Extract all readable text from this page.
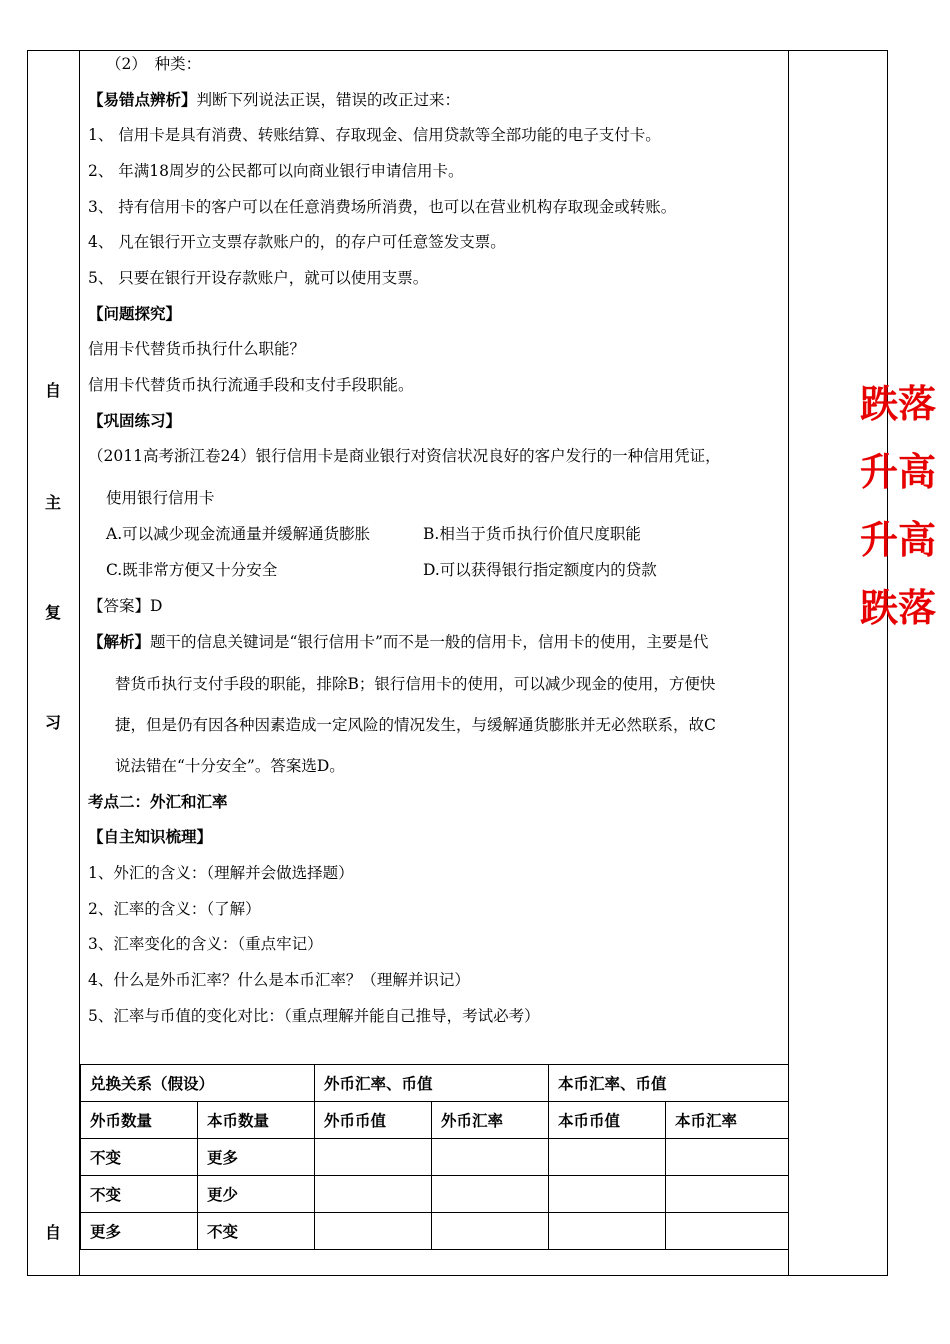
自
主
复
习
自
跌落
升高
升高
跌落
（2）　种类：
【易错点辨析】判断下列说法正误，错误的改正过来：
1、 信用卡是具有消费、转账结算、存取现金、信用贷款等全部功能的电子支付卡。
2、 年满18周岁的公民都可以向商业银行申请信用卡。
3、 持有信用卡的客户可以在任意消费场所消费，也可以在营业机构存取现金或转账。
4、 凡在银行开立支票存款账户的，的存户可任意签发支票。
5、 只要在银行开设存款账户，就可以使用支票。
【问题探究】
信用卡代替货币执行什么职能？
信用卡代替货币执行流通手段和支付手段职能。
【巩固练习】
（2011高考浙江卷24）银行信用卡是商业银行对资信状况良好的客户发行的一种信用凭证，
使用银行信用卡
A.可以减少现金流通量并缓解通货膨胀	B.相当于货币执行价值尺度职能
C.既非常方便又十分安全	D.可以获得银行指定额度内的贷款
【答案】D
【解析】题干的信息关键词是“银行信用卡”而不是一般的信用卡，信用卡的使用，主要是代
替货币执行支付手段的职能，排除B；银行信用卡的使用，可以减少现金的使用，方便快
捷，但是仍有因各种因素造成一定风险的情况发生，与缓解通货膨胀并无必然联系，故C
说法错在“十分安全”。答案选D。
考点二：外汇和汇率
【自主知识梳理】
1、外汇的含义：（理解并会做选择题）
2、汇率的含义：（了解）
3、汇率变化的含义：（重点牢记）
4、什么是外币汇率？什么是本币汇率？（理解并识记）
5、汇率与币值的变化对比：（重点理解并能自己推导，考试必考）
兑换关系（假设）		外币汇率、币值		本币汇率、币值	
外币数量	本币数量	外币币值	外币汇率	本币币值	本币汇率
不变	更多				
不变	更少				
更多	不变				
